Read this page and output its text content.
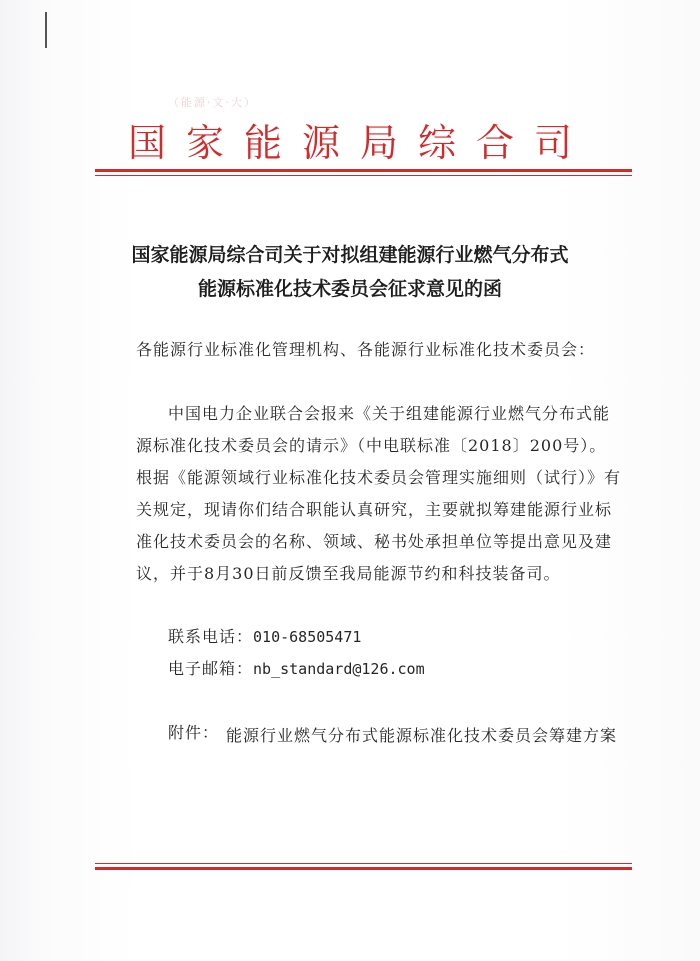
（能源·文·大）
国家能源局综合司
国家能源局综合司关于对拟组建能源行业燃气分布式
能源标准化技术委员会征求意见的函
各能源行业标准化管理机构、各能源行业标准化技术委员会：
中国电力企业联合会报来《关于组建能源行业燃气分布式能源标准化技术委员会的请示》（中电联标准〔2018〕200号）。根据《能源领域行业标准化技术委员会管理实施细则（试行）》有关规定，现请你们结合职能认真研究，主要就拟筹建能源行业标准化技术委员会的名称、领域、秘书处承担单位等提出意见及建议，并于8月30日前反馈至我局能源节约和科技装备司。
联系电话：010-68505471
电子邮箱：nb_standard@126.com
附件： 能源行业燃气分布式能源标准化技术委员会筹建方案
